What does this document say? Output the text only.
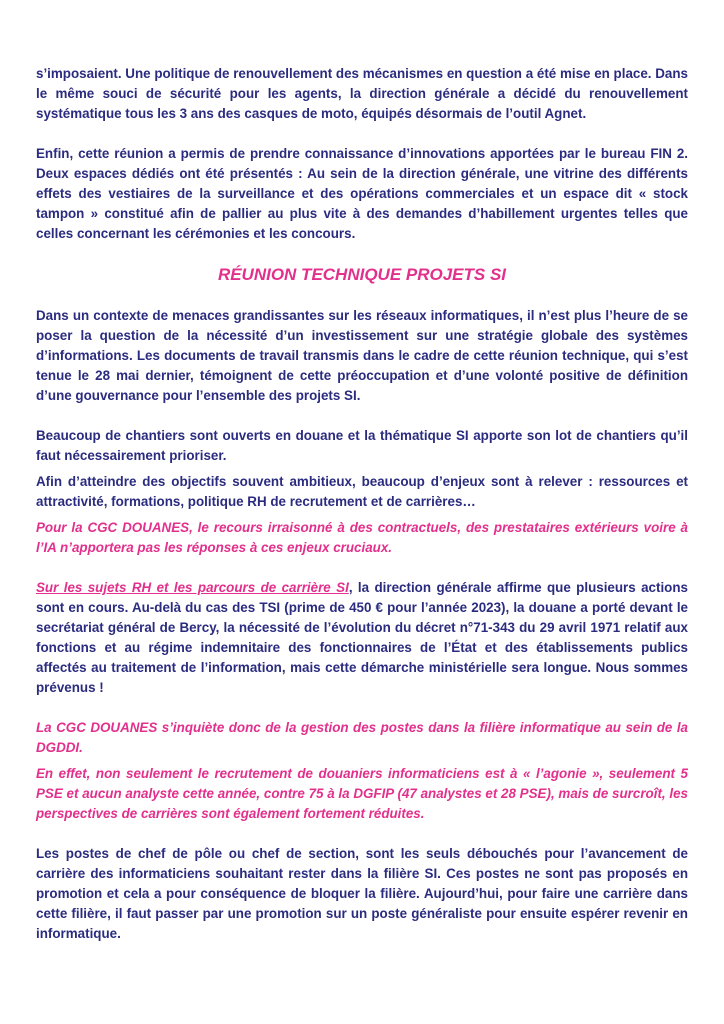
s’imposaient. Une politique de renouvellement des mécanismes en question a été mise en place. Dans le même souci de sécurité pour les agents, la direction générale a décidé du renouvellement systématique tous les 3 ans des casques de moto, équipés désormais de l’outil Agnet.

Enfin, cette réunion a permis de prendre connaissance d’innovations apportées par le bureau FIN 2. Deux espaces dédiés ont été présentés : Au sein de la direction générale, une vitrine des différents effets des vestiaires de la surveillance et des opérations commerciales et un espace dit « stock tampon » constitué afin de pallier au plus vite à des demandes d’habillement urgentes telles que celles concernant les cérémonies et les concours.

RÉUNION TECHNIQUE PROJETS SI

Dans un contexte de menaces grandissantes sur les réseaux informatiques, il n’est plus l’heure de se poser la question de la nécessité d’un investissement sur une stratégie globale des systèmes d’informations. Les documents de travail transmis dans le cadre de cette réunion technique, qui s’est tenue le 28 mai dernier, témoignent de cette préoccupation et d’une volonté positive de définition d’une gouvernance pour l’ensemble des projets SI.

Beaucoup de chantiers sont ouverts en douane et la thématique SI apporte son lot de chantiers qu’il faut nécessairement prioriser.

Afin d’atteindre des objectifs souvent ambitieux, beaucoup d’enjeux sont à relever : ressources et attractivité, formations, politique RH de recrutement et de carrières…

Pour la CGC DOUANES, le recours irraisonné à des contractuels, des prestataires extérieurs voire à l’IA n’apportera pas les réponses à ces enjeux cruciaux.

Sur les sujets RH et les parcours de carrière SI, la direction générale affirme que plusieurs actions sont en cours. Au-delà du cas des TSI (prime de 450 € pour l’année 2023), la douane a porté devant le secrétariat général de Bercy, la nécessité de l’évolution du décret n°71-343 du 29 avril 1971 relatif aux fonctions et au régime indemnitaire des fonctionnaires de l’État et des établissements publics affectés au traitement de l’information, mais cette démarche ministérielle sera longue. Nous sommes prévenus !

La CGC DOUANES s’inquiète donc de la gestion des postes dans la filière informatique au sein de la DGDDI.

En effet, non seulement le recrutement de douaniers informaticiens est à « l’agonie », seulement 5 PSE et aucun analyste cette année, contre 75 à la DGFIP (47 analystes et 28 PSE), mais de surcroît, les perspectives de carrières sont également fortement réduites.

Les postes de chef de pôle ou chef de section, sont les seuls débouchés pour l’avancement de carrière des informaticiens souhaitant rester dans la filière SI. Ces postes ne sont pas proposés en promotion et cela a pour conséquence de bloquer la filière. Aujourd’hui, pour faire une carrière dans cette filière, il faut passer par une promotion sur un poste généraliste pour ensuite espérer revenir en informatique.
